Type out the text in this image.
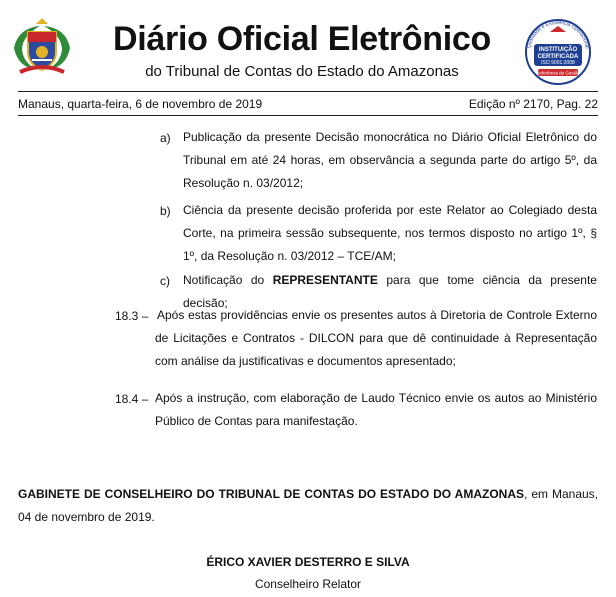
Diário Oficial Eletrônico
do Tribunal de Contas do Estado do Amazonas
Qualidade e Excelência Operacional
INSTITUIÇÃO
CERTIFICADA
ISO 9001:2008
Referência de Gestão
Manaus, quarta-feira, 6 de novembro de 2019	Edição nº 2170, Pag. 22
a) Publicação da presente Decisão monocrática no Diário Oficial Eletrônico do Tribunal em até 24 horas, em observância a segunda parte do artigo 5º, da Resolução n. 03/2012;
b) Ciência da presente decisão proferida por este Relator ao Colegiado desta Corte, na primeira sessão subsequente, nos termos disposto no artigo 1º, § 1º, da Resolução n. 03/2012 – TCE/AM;
c) Notificação do REPRESENTANTE para que tome ciência da presente decisão;
18.3 – Após estas providências envie os presentes autos à Diretoria de Controle Externo de Licitações e Contratos - DILCON para que dê continuidade à Representação com análise da justificativas e documentos apresentado;
18.4 – Após a instrução, com elaboração de Laudo Técnico envie os autos ao Ministério Público de Contas para manifestação.
GABINETE DE CONSELHEIRO DO TRIBUNAL DE CONTAS DO ESTADO DO AMAZONAS, em Manaus, 04 de novembro de 2019.
ÉRICO XAVIER DESTERRO E SILVA
Conselheiro Relator
